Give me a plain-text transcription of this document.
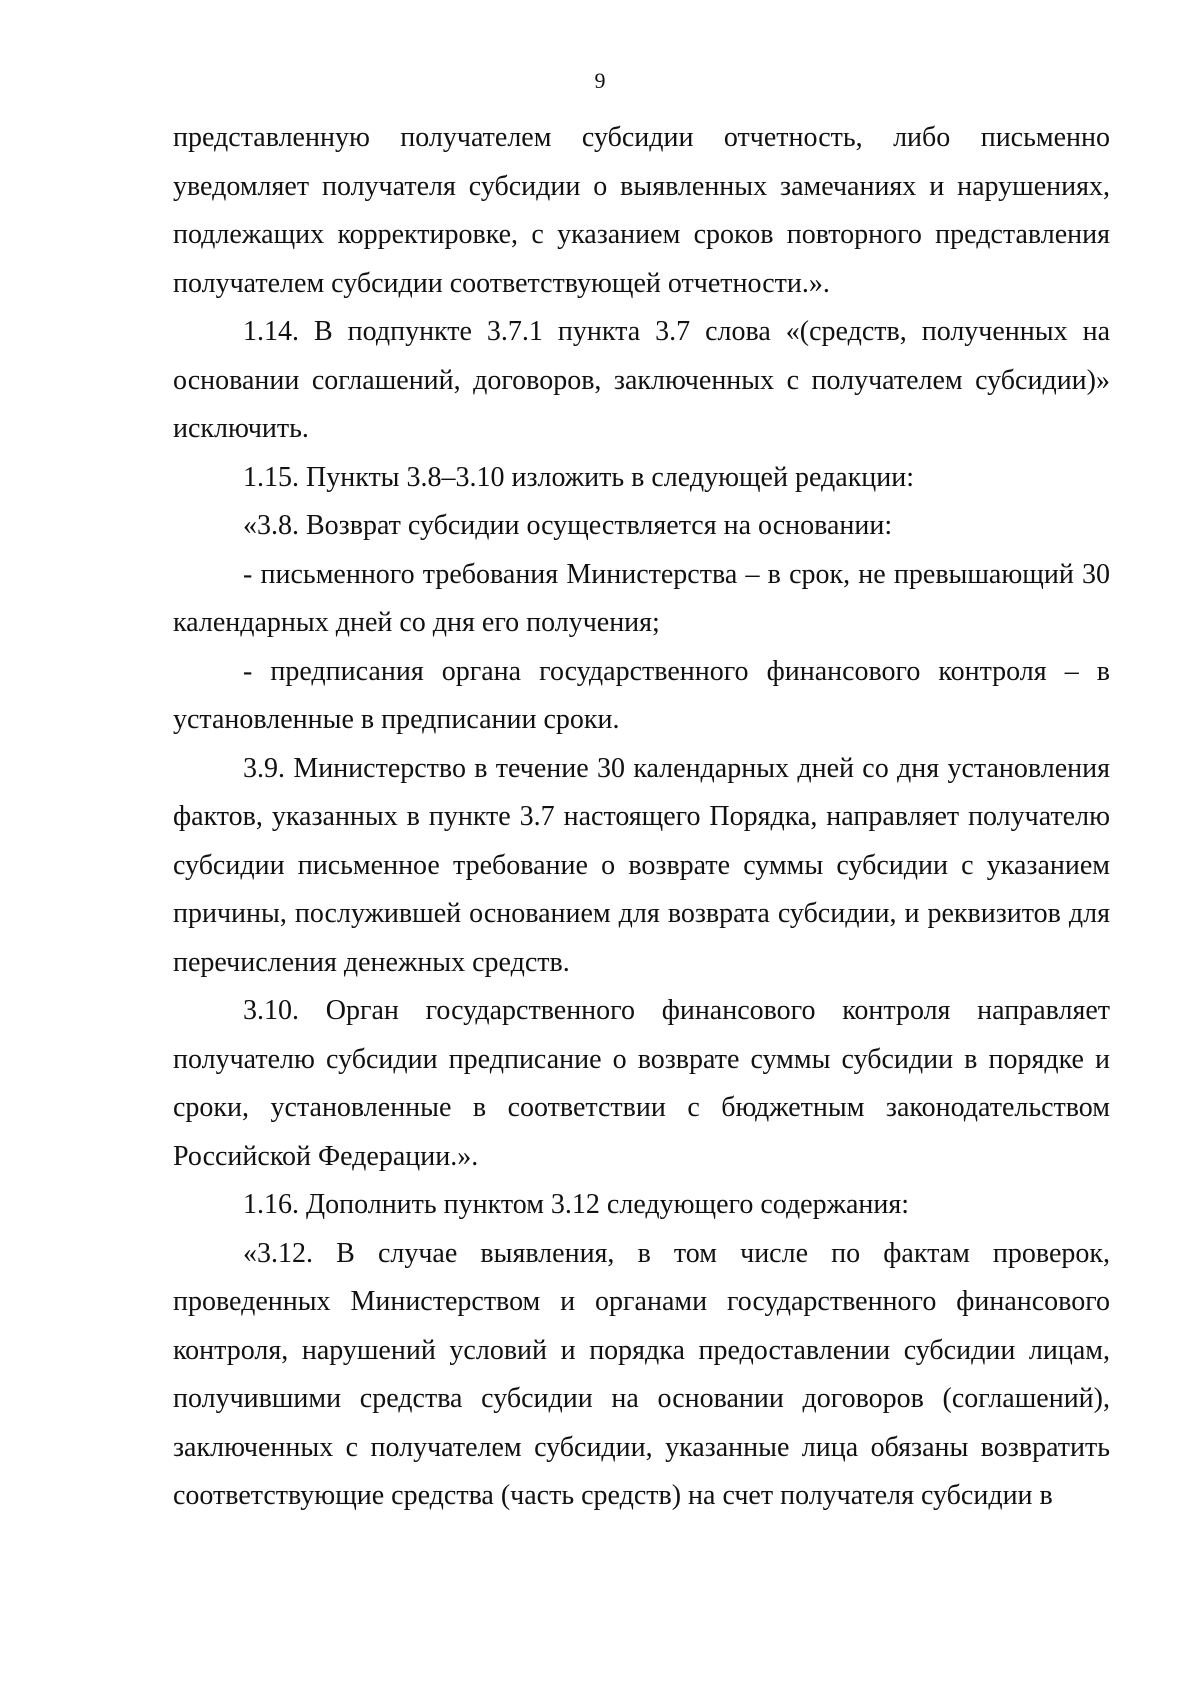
9

представленную получателем субсидии отчетность, либо письменно уведомляет получателя субсидии о выявленных замечаниях и нарушениях, подлежащих корректировке, с указанием сроков повторного представления получателем субсидии соответствующей отчетности.».

1.14. В подпункте 3.7.1 пункта 3.7 слова «(средств, полученных на основании соглашений, договоров, заключенных с получателем субсидии)» исключить.

1.15. Пункты 3.8–3.10 изложить в следующей редакции:

«3.8. Возврат субсидии осуществляется на основании:

- письменного требования Министерства – в срок, не превышающий 30 календарных дней со дня его получения;

- предписания органа государственного финансового контроля – в установленные в предписании сроки.

3.9. Министерство в течение 30 календарных дней со дня установления фактов, указанных в пункте 3.7 настоящего Порядка, направляет получателю субсидии письменное требование о возврате суммы субсидии с указанием причины, послужившей основанием для возврата субсидии, и реквизитов для перечисления денежных средств.

3.10. Орган государственного финансового контроля направляет получателю субсидии предписание о возврате суммы субсидии в порядке и сроки, установленные в соответствии с бюджетным законодательством Российской Федерации.».

1.16. Дополнить пунктом 3.12 следующего содержания:

«3.12. В случае выявления, в том числе по фактам проверок, проведенных Министерством и органами государственного финансового контроля, нарушений условий и порядка предоставлении субсидии лицам, получившими средства субсидии на основании договоров (соглашений), заключенных с получателем субсидии, указанные лица обязаны возвратить соответствующие средства (часть средств) на счет получателя субсидии в
